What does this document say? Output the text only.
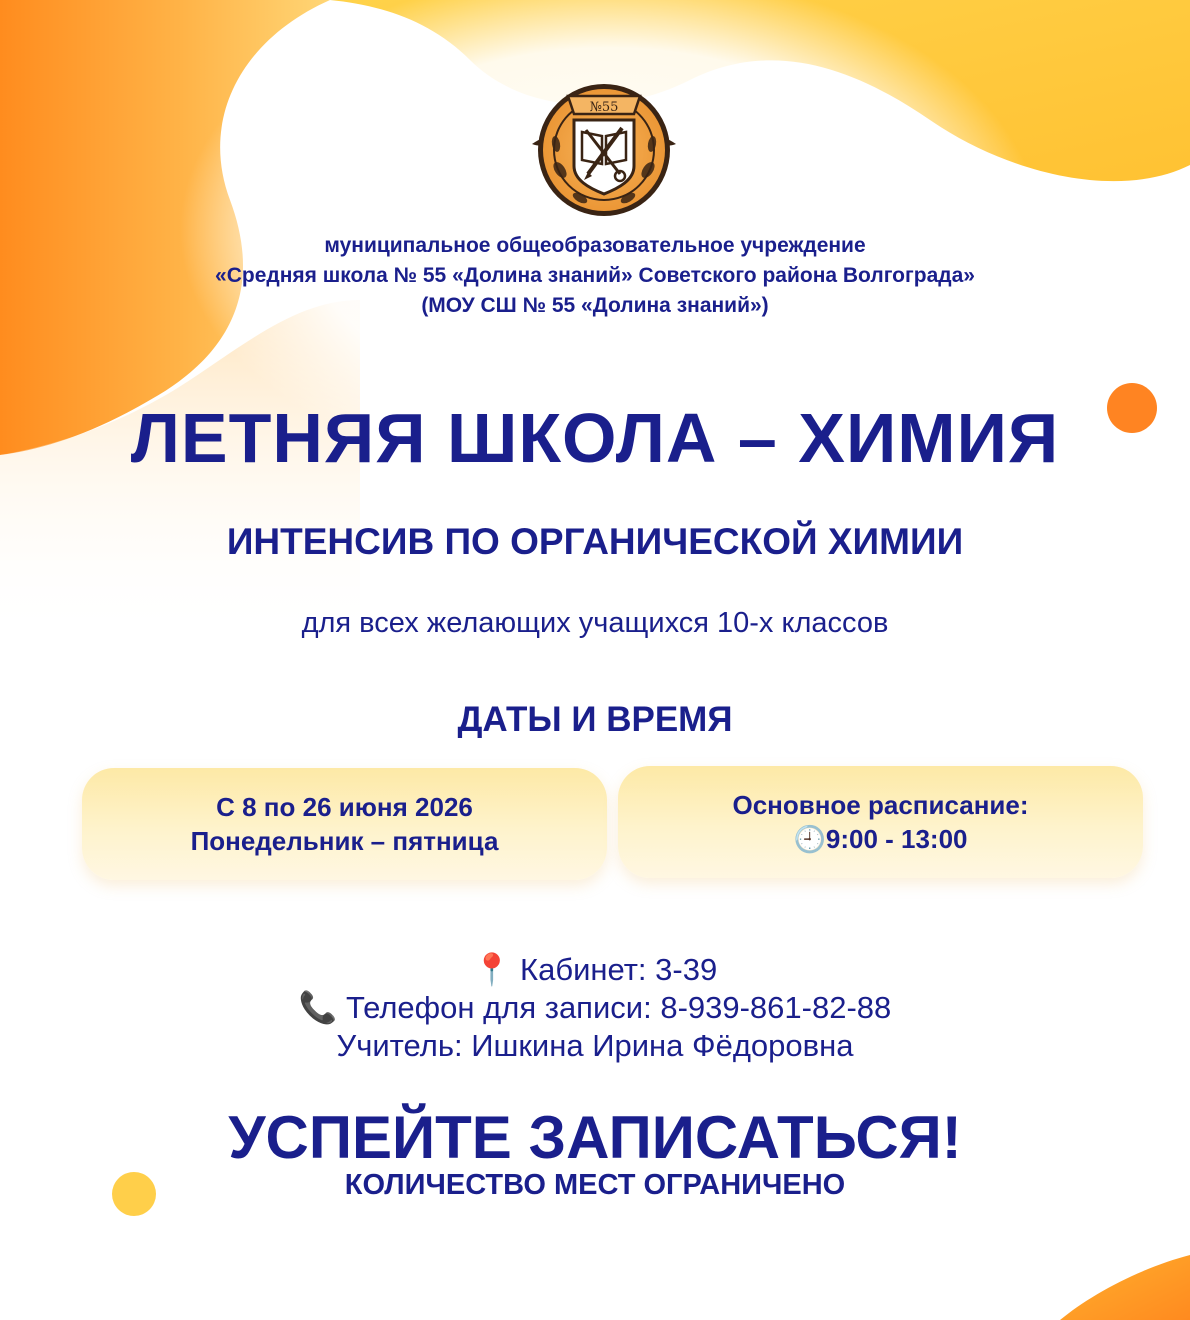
№55
муниципальное общеобразовательное учреждение
«Средняя школа № 55 «Долина знаний» Советского района Волгограда»
(МОУ СШ № 55 «Долина знаний»)
ЛЕТНЯЯ ШКОЛА – ХИМИЯ
ИНТЕНСИВ ПО ОРГАНИЧЕСКОЙ ХИМИИ
для всех желающих учащихся 10-х классов
ДАТЫ И ВРЕМЯ
С 8 по 26 июня 2026
Понедельник – пятница
Основное расписание:
🕘9:00 - 13:00
📍 Кабинет: 3-39
📞 Телефон для записи: 8-939-861-82-88
Учитель: Ишкина Ирина Фёдоровна
УСПЕЙТЕ ЗАПИСАТЬСЯ!
КОЛИЧЕСТВО МЕСТ ОГРАНИЧЕНО
